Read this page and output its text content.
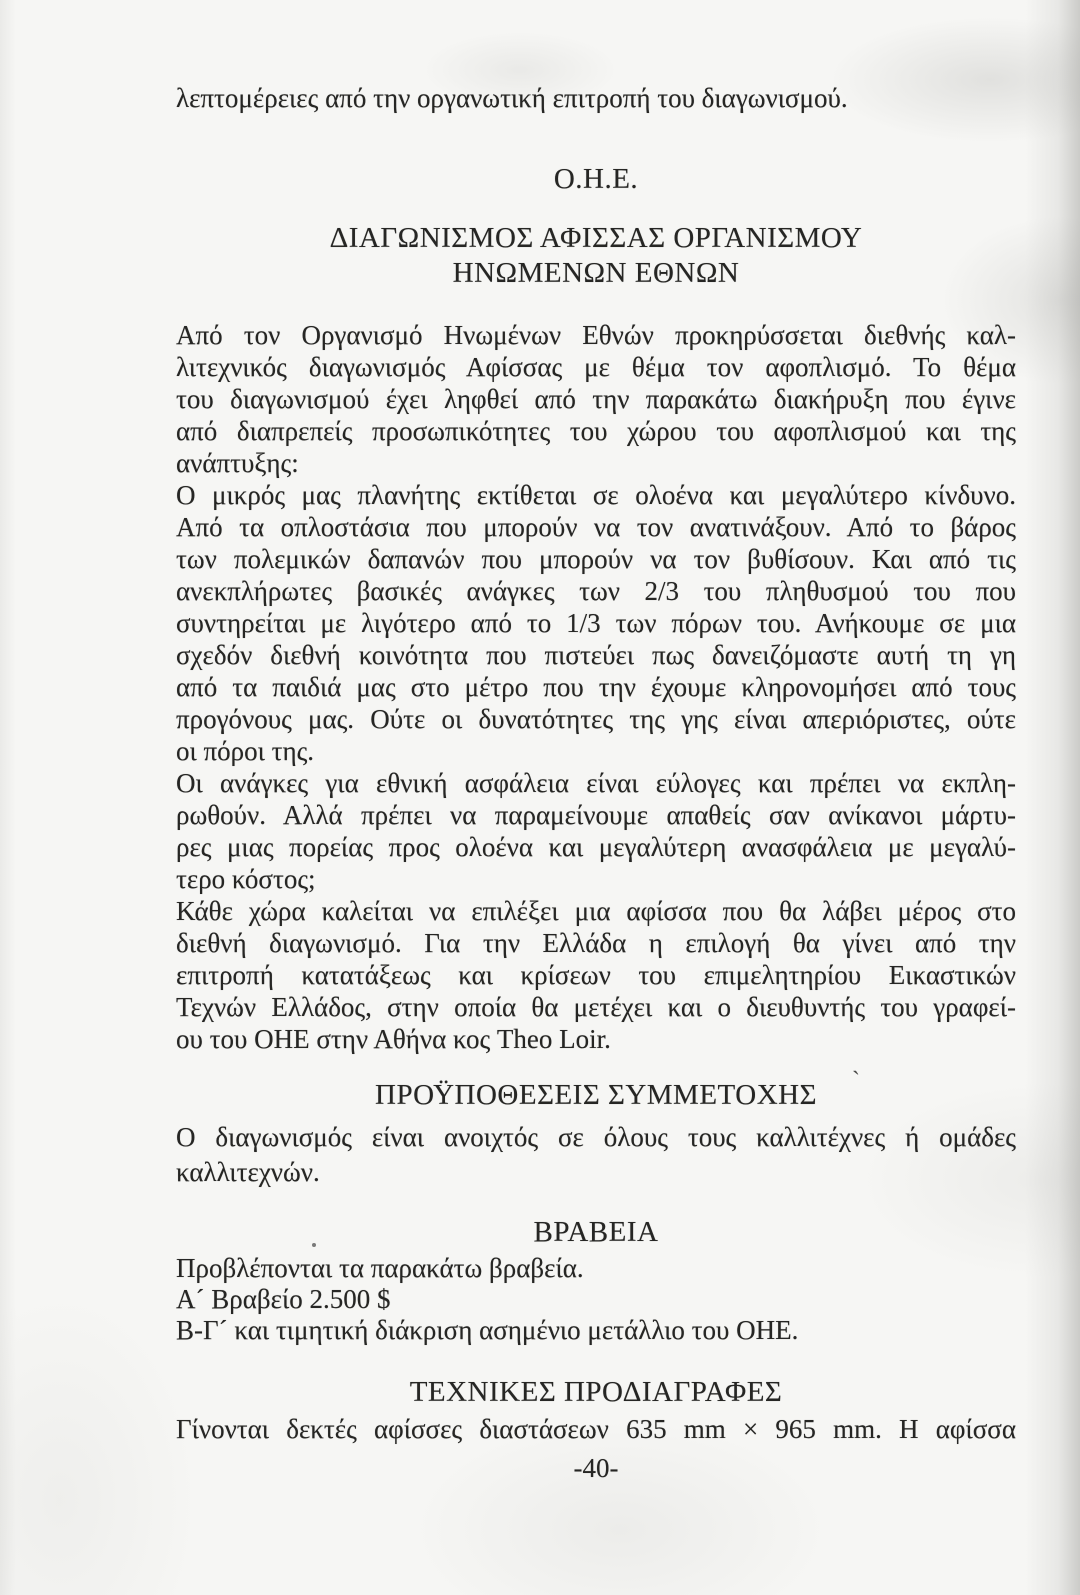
λεπτομέρειες από την οργανωτική επιτροπή του διαγωνισμού.
Ο.Η.Ε.
ΔΙΑΓΩΝΙΣΜΟΣ ΑΦΙΣΣΑΣ ΟΡΓΑΝΙΣΜΟΥ
ΗΝΩΜΕΝΩΝ ΕΘΝΩΝ
Από τον Οργανισμό Ηνωμένων Εθνών προκηρύσσεται διεθνής καλ-
λιτεχνικός διαγωνισμός Αφίσσας με θέμα τον αφοπλισμό. Το θέμα
του διαγωνισμού έχει ληφθεί από την παρακάτω διακήρυξη που έγινε
από διαπρεπείς προσωπικότητες του χώρου του αφοπλισμού και της
ανάπτυξης:
Ο μικρός μας πλανήτης εκτίθεται σε ολοένα και μεγαλύτερο κίνδυνο.
Από τα οπλοστάσια που μπορούν να τον ανατινάξουν. Από το βάρος
των πολεμικών δαπανών που μπορούν να τον βυθίσουν. Και από τις
ανεκπλήρωτες βασικές ανάγκες των 2/3 του πληθυσμού του που
συντηρείται με λιγότερο από το 1/3 των πόρων του. Ανήκουμε σε μια
σχεδόν διεθνή κοινότητα που πιστεύει πως δανειζόμαστε αυτή τη γη
από τα παιδιά μας στο μέτρο που την έχουμε κληρονομήσει από τους
προγόνους μας. Ούτε οι δυνατότητες της γης είναι απεριόριστες, ούτε
οι πόροι της.
Οι ανάγκες για εθνική ασφάλεια είναι εύλογες και πρέπει να εκπλη-
ρωθούν. Αλλά πρέπει να παραμείνουμε απαθείς σαν ανίκανοι μάρτυ-
ρες μιας πορείας προς ολοένα και μεγαλύτερη ανασφάλεια με μεγαλύ-
τερο κόστος;
Κάθε χώρα καλείται να επιλέξει μια αφίσσα που θα λάβει μέρος στο
διεθνή διαγωνισμό. Για την Ελλάδα η επιλογή θα γίνει από την
επιτροπή κατατάξεως και κρίσεων του επιμελητηρίου Εικαστικών
Τεχνών Ελλάδος, στην οποία θα μετέχει και ο διευθυντής του γραφεί-
ου του ΟΗΕ στην Αθήνα κος Theo Loir.
ΠΡΟΫΠΟΘΕΣΕΙΣ ΣΥΜΜΕΤΟΧΗΣ	`
Ο διαγωνισμός είναι ανοιχτός σε όλους τους καλλιτέχνες ή ομάδες
καλλιτεχνών.
ΒΡΑΒΕΙΑ
Προβλέπονται τα παρακάτω βραβεία.
Α´ Βραβείο 2.500 $
Β-Γ´ και τιμητική διάκριση ασημένιο μετάλλιο του ΟΗΕ.
ΤΕΧΝΙΚΕΣ ΠΡΟΔΙΑΓΡΑΦΕΣ
Γίνονται δεκτές αφίσσες διαστάσεων 635 mm × 965 mm. Η αφίσσα
-40-
